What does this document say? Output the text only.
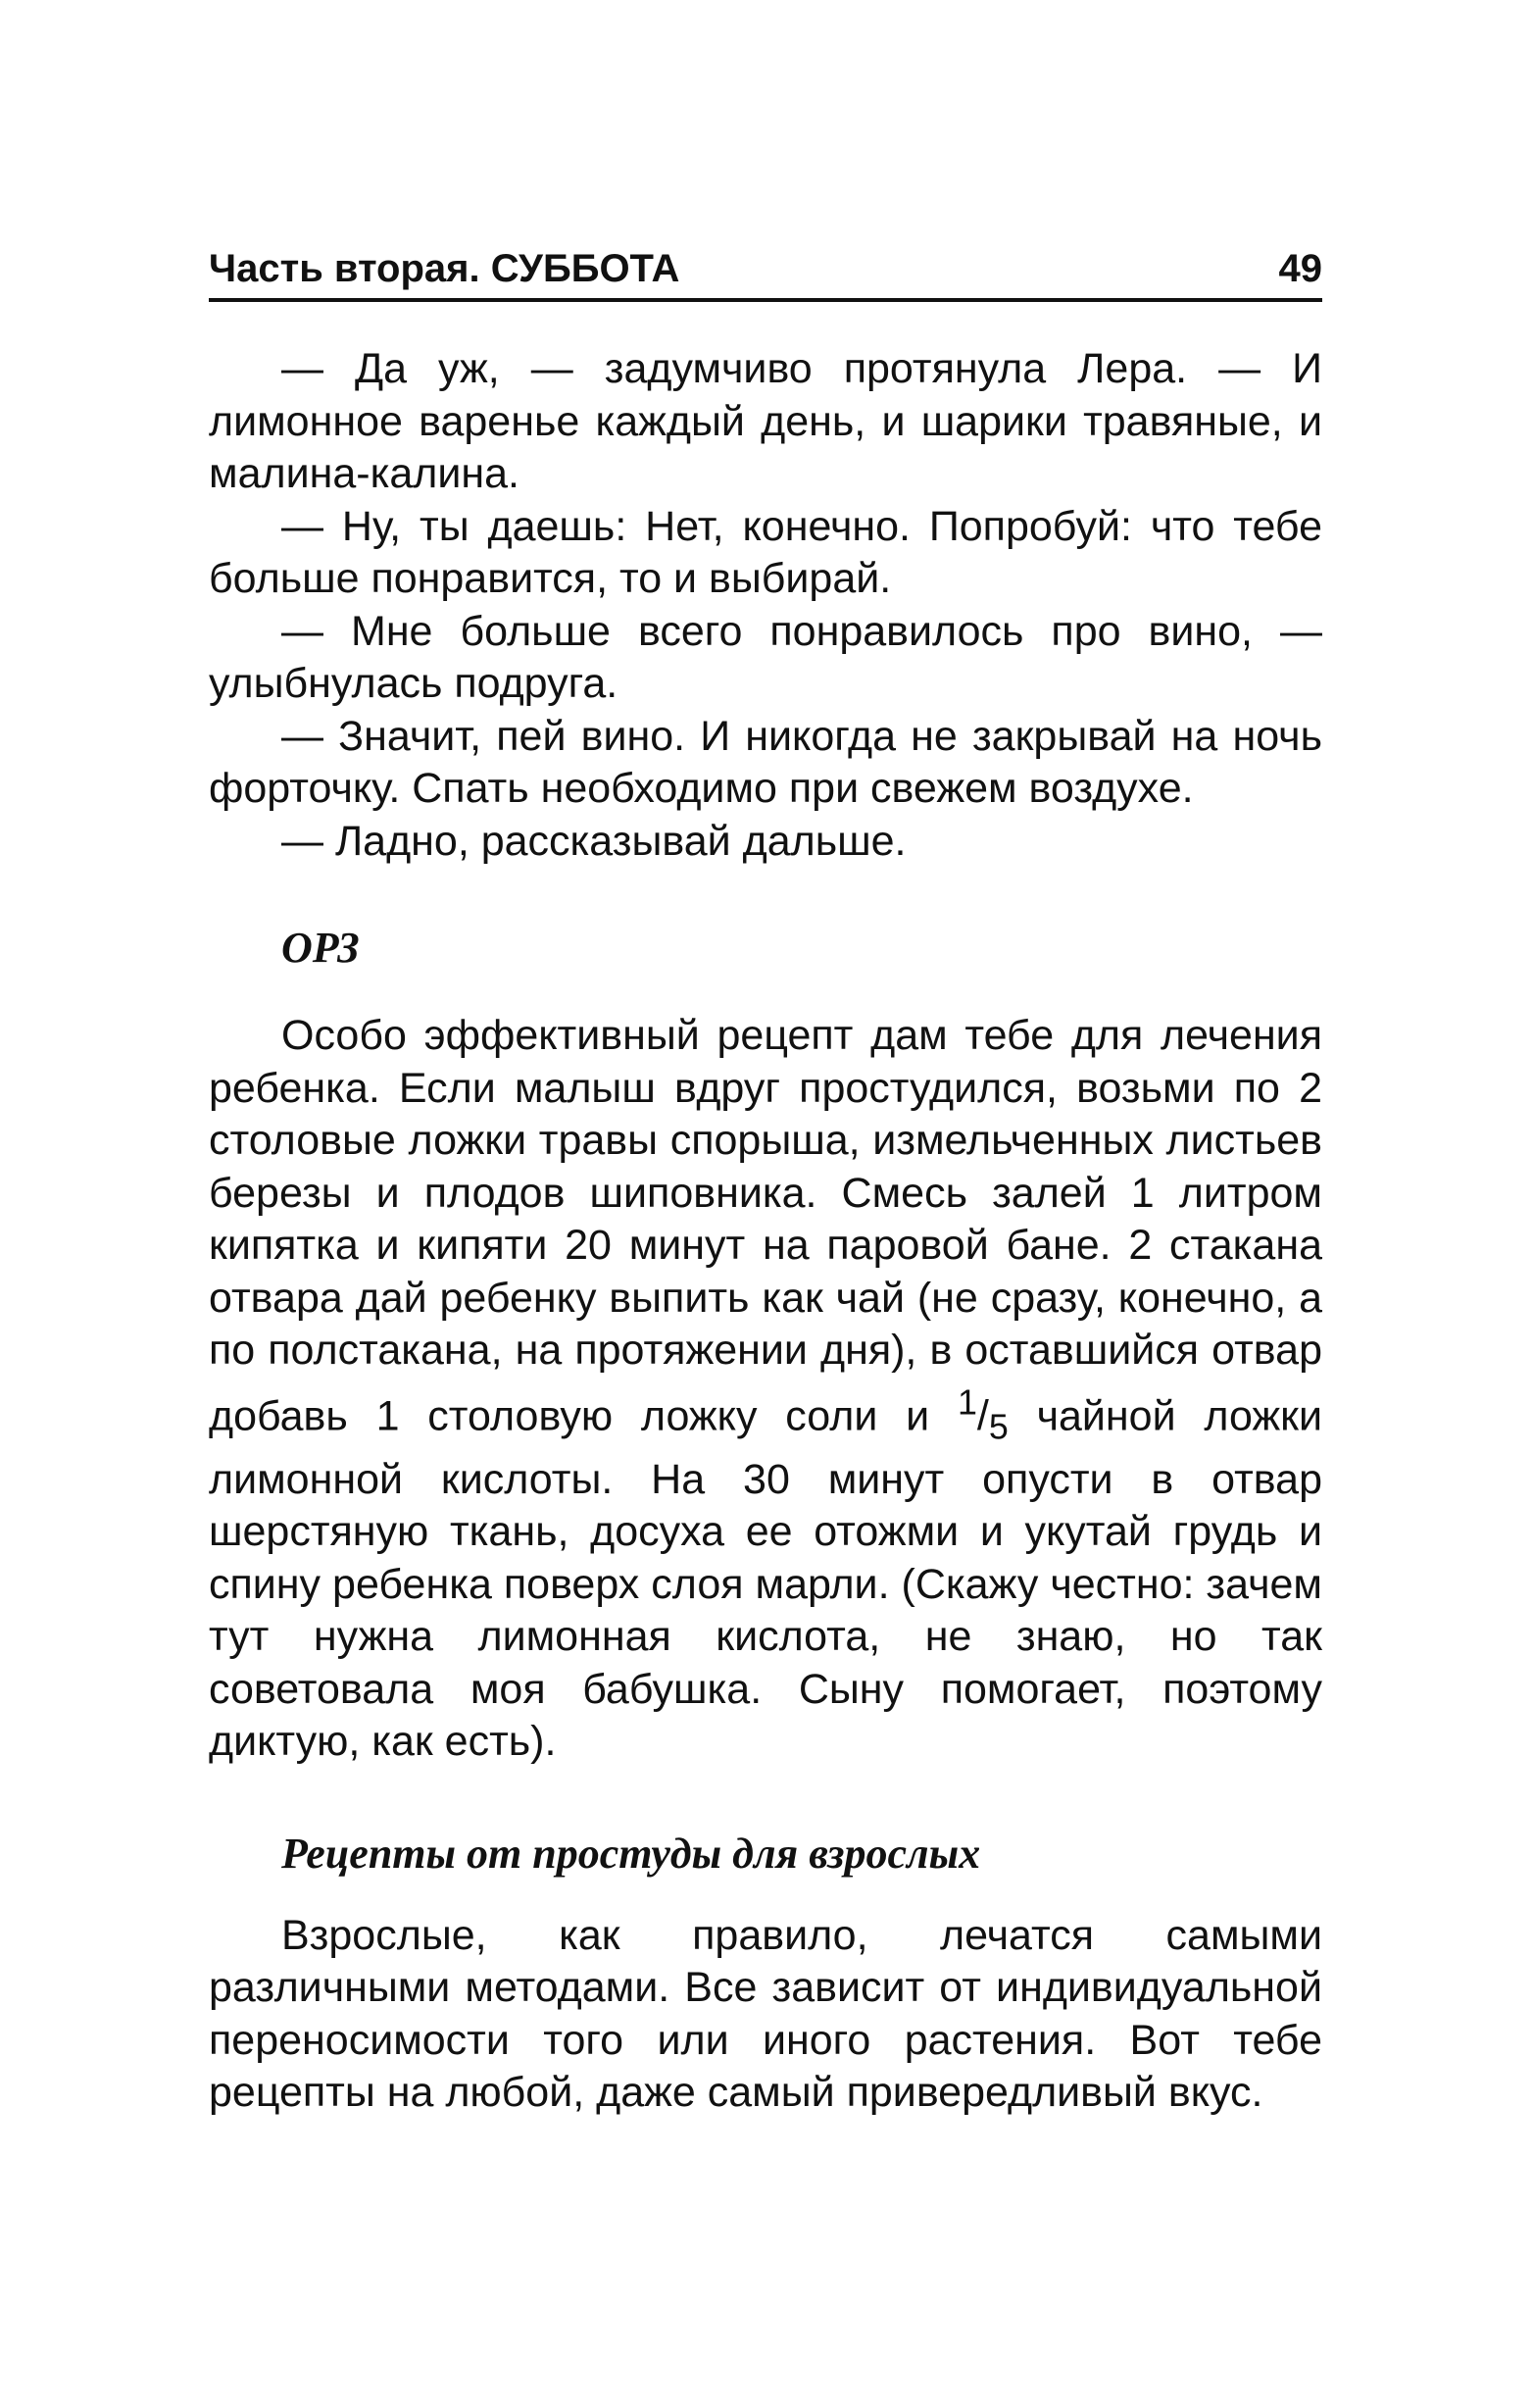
Часть вторая. СУББОТА	49

— Да уж, — задумчиво протянула Лера. — И лимонное варенье каждый день, и шарики травяные, и малина-калина.

— Ну, ты даешь: Нет, конечно. Попробуй: что тебе больше понравится, то и выбирай.

— Мне больше всего понравилось про вино, — улыбнулась подруга.

— Значит, пей вино. И никогда не закрывай на ночь форточку. Спать необходимо при свежем воздухе.

— Ладно, рассказывай дальше.

ОРЗ

Особо эффективный рецепт дам тебе для лечения ребенка. Если малыш вдруг простудился, возьми по 2 столовые ложки травы спорыша, измельченных листьев березы и плодов шиповника. Смесь залей 1 литром кипятка и кипяти 20 минут на паровой бане. 2 стакана отвара дай ребенку выпить как чай (не сразу, конечно, а по полстакана, на протяжении дня), в оставшийся отвар добавь 1 столовую ложку соли и $^1/_5$ чайной ложки лимонной кислоты. На 30 минут опусти в отвар шерстяную ткань, досуха ее отожми и укутай грудь и спину ребенка поверх слоя марли. (Скажу честно: зачем тут нужна лимонная кислота, не знаю, но так советовала моя бабушка. Сыну помогает, поэтому диктую, как есть).

Рецепты от простуды для взрослых

Взрослые, как правило, лечатся самыми различными методами. Все зависит от индивидуальной переносимости того или иного растения. Вот тебе рецепты на любой, даже самый привередливый вкус.
